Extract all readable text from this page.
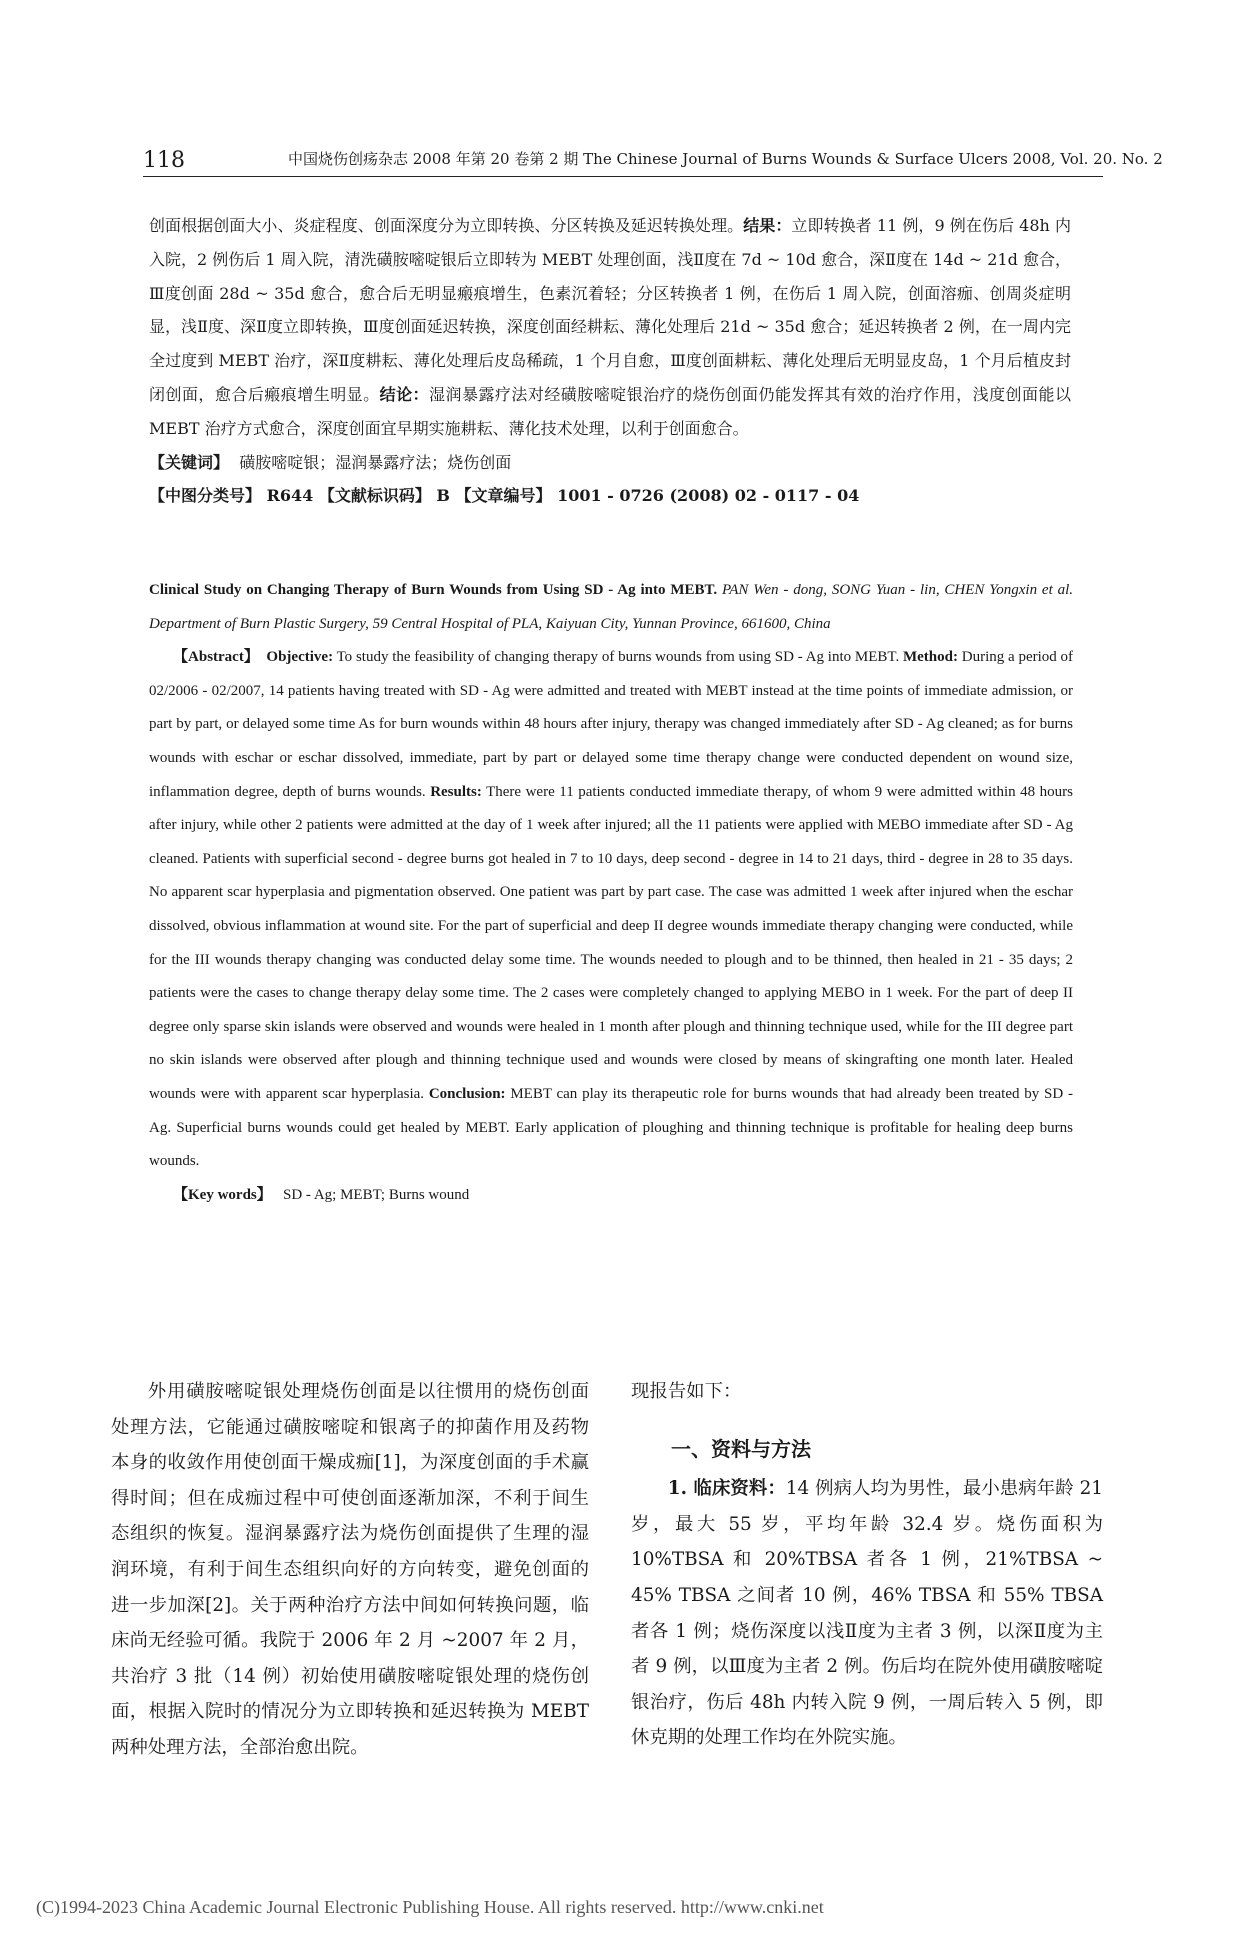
118	中国烧伤创疡杂志 2008 年第 20 卷第 2 期 The Chinese Journal of Burns Wounds & Surface Ulcers 2008, Vol. 20. No. 2

创面根据创面大小、炎症程度、创面深度分为立即转换、分区转换及延迟转换处理。结果：立即转换者 11 例，9 例在伤后 48h 内入院，2 例伤后 1 周入院，清洗磺胺嘧啶银后立即转为 MEBT 处理创面，浅Ⅱ度在 7d ~ 10d 愈合，深Ⅱ度在 14d ~ 21d 愈合，Ⅲ度创面 28d ~ 35d 愈合，愈合后无明显瘢痕增生，色素沉着轻；分区转换者 1 例，在伤后 1 周入院，创面溶痂、创周炎症明显，浅Ⅱ度、深Ⅱ度立即转换，Ⅲ度创面延迟转换，深度创面经耕耘、薄化处理后 21d ~ 35d 愈合；延迟转换者 2 例，在一周内完全过度到 MEBT 治疗，深Ⅱ度耕耘、薄化处理后皮岛稀疏，1 个月自愈，Ⅲ度创面耕耘、薄化处理后无明显皮岛，1 个月后植皮封闭创面，愈合后瘢痕增生明显。结论：湿润暴露疗法对经磺胺嘧啶银治疗的烧伤创面仍能发挥其有效的治疗作用，浅度创面能以 MEBT 治疗方式愈合，深度创面宜早期实施耕耘、薄化技术处理，以利于创面愈合。

【关键词】 磺胺嘧啶银；湿润暴露疗法；烧伤创面

【中图分类号】 R644 【文献标识码】 B 【文章编号】 1001 - 0726 (2008) 02 - 0117 - 04

Clinical Study on Changing Therapy of Burn Wounds from Using SD - Ag into MEBT. PAN Wen - dong, SONG Yuan - lin, CHEN Yongxin et al. Department of Burn Plastic Surgery, 59 Central Hospital of PLA, Kaiyuan City, Yunnan Province, 661600, China

【Abstract】 Objective: To study the feasibility of changing therapy of burns wounds from using SD - Ag into MEBT. Method: During a period of 02/2006 - 02/2007, 14 patients having treated with SD - Ag were admitted and treated with MEBT instead at the time points of immediate admission, or part by part, or delayed some time As for burn wounds within 48 hours after injury, therapy was changed immediately after SD - Ag cleaned; as for burns wounds with eschar or eschar dissolved, immediate, part by part or delayed some time therapy change were conducted dependent on wound size, inflammation degree, depth of burns wounds. Results: There were 11 patients conducted immediate therapy, of whom 9 were admitted within 48 hours after injury, while other 2 patients were admitted at the day of 1 week after injured; all the 11 patients were applied with MEBO immediate after SD - Ag cleaned. Patients with superficial second - degree burns got healed in 7 to 10 days, deep second - degree in 14 to 21 days, third - degree in 28 to 35 days. No apparent scar hyperplasia and pigmentation observed. One patient was part by part case. The case was admitted 1 week after injured when the eschar dissolved, obvious inflammation at wound site. For the part of superficial and deep II degree wounds immediate therapy changing were conducted, while for the III wounds therapy changing was conducted delay some time. The wounds needed to plough and to be thinned, then healed in 21 - 35 days; 2 patients were the cases to change therapy delay some time. The 2 cases were completely changed to applying MEBO in 1 week. For the part of deep II degree only sparse skin islands were observed and wounds were healed in 1 month after plough and thinning technique used, while for the III degree part no skin islands were observed after plough and thinning technique used and wounds were closed by means of skingrafting one month later. Healed wounds were with apparent scar hyperplasia. Conclusion: MEBT can play its therapeutic role for burns wounds that had already been treated by SD - Ag. Superficial burns wounds could get healed by MEBT. Early application of ploughing and thinning technique is profitable for healing deep burns wounds.

【Key words】 SD - Ag; MEBT; Burns wound

外用磺胺嘧啶银处理烧伤创面是以往惯用的烧伤创面处理方法，它能通过磺胺嘧啶和银离子的抑菌作用及药物本身的收敛作用使创面干燥成痂[1]，为深度创面的手术赢得时间；但在成痂过程中可使创面逐渐加深，不利于间生态组织的恢复。湿润暴露疗法为烧伤创面提供了生理的湿润环境，有利于间生态组织向好的方向转变，避免创面的进一步加深[2]。关于两种治疗方法中间如何转换问题，临床尚无经验可循。我院于 2006 年 2 月 ~2007 年 2 月，共治疗 3 批（14 例）初始使用磺胺嘧啶银处理的烧伤创面，根据入院时的情况分为立即转换和延迟转换为 MEBT 两种处理方法，全部治愈出院。

现报告如下：

一、资料与方法

1. 临床资料：14 例病人均为男性，最小患病年龄 21 岁，最大 55 岁，平均年龄 32.4 岁。烧伤面积为 10%TBSA 和 20%TBSA 者各 1 例，21%TBSA ~ 45% TBSA 之间者 10 例，46% TBSA 和 55% TBSA 者各 1 例；烧伤深度以浅Ⅱ度为主者 3 例，以深Ⅱ度为主者 9 例，以Ⅲ度为主者 2 例。伤后均在院外使用磺胺嘧啶银治疗，伤后 48h 内转入院 9 例，一周后转入 5 例，即休克期的处理工作均在外院实施。

(C)1994-2023 China Academic Journal Electronic Publishing House. All rights reserved. http://www.cnki.net
